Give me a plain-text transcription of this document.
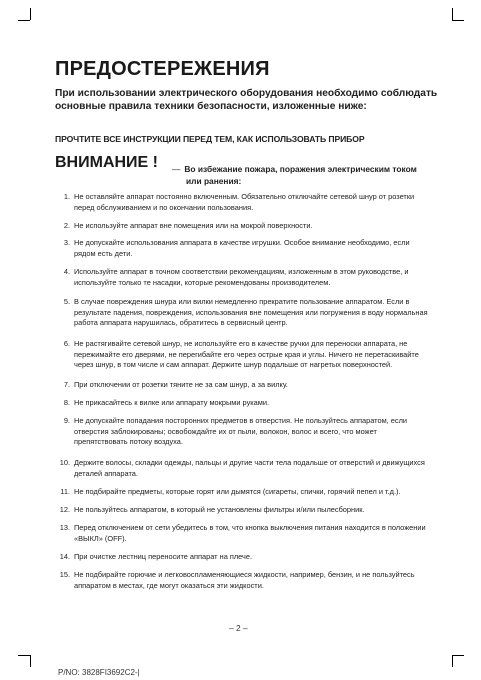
ПРЕДОСТЕРЕЖЕНИЯ
При использовании электрического оборудования необходимо соблюдать основные правила техники безопасности, изложенные ниже:
ПРОЧТИТЕ ВСЕ ИНСТРУКЦИИ ПЕРЕД ТЕМ, КАК ИСПОЛЬЗОВАТЬ ПРИБОР
ВНИМАНИЕ ! — Во избежание пожара, поражения электрическим током
или ранения:
1. Не оставляйте аппарат постоянно включенным. Обязательно отключайте сетевой шнур от розетки перед обслуживанием и по окончании пользования.
2. Не используйте аппарат вне помещения или на мокрой поверхности.
3. Не допускайте использования аппарата в качестве игрушки. Особое внимание необходимо, если рядом есть дети.
4. Используйте аппарат в точном соответствии рекомендациям, изложенным в этом руководстве, и используйте только те насадки, которые рекомендованы производителем.
5. В случае повреждения шнура или вилки немедленно прекратите пользование аппаратом. Если в результате падения, повреждения, использования вне помещения или погружения в воду нормальная работа аппарата нарушилась, обратитесь в сервисный центр.
6. Не растягивайте сетевой шнур, не используйте его в качестве ручки для переноски аппарата, не пережимайте его дверями, не перегибайте его через острые края и углы. Ничего не перетаскивайте через шнур, в том числе и сам аппарат. Держите шнур подальше от нагретых поверхностей.
7. При отключении от розетки тяните не за сам шнур, а за вилку.
8. Не прикасайтесь к вилке или аппарату мокрыми руками.
9. Не допускайте попадания посторонних предметов в отверстия. Не пользуйтесь аппаратом, если отверстия заблокированы; освобождайте их от пыли, волокон, волос и всего, что может препятствовать потоку воздуха.
10. Держите волосы, складки одежды, пальцы и другие части тела подальше от отверстий и движущихся деталей аппарата.
11. Не подбирайте предметы, которые горят или дымятся (сигареты, спички, горячий пепел и т.д.).
12. Не пользуйтесь аппаратом, в который не установлены фильтры и/или пылесборник.
13. Перед отключением от сети убедитесь в том, что кнопка выключения питания находится в положении «ВЫКЛ» (OFF).
14. При очистке лестниц переносите аппарат на плече.
15. Не подбирайте горючие и легковоспламеняющиеся жидкости, например, бензин, и не пользуйтесь аппаратом в местах, где могут оказаться эти жидкости.
– 2 –
P/NO: 3828FI3692C2-|
